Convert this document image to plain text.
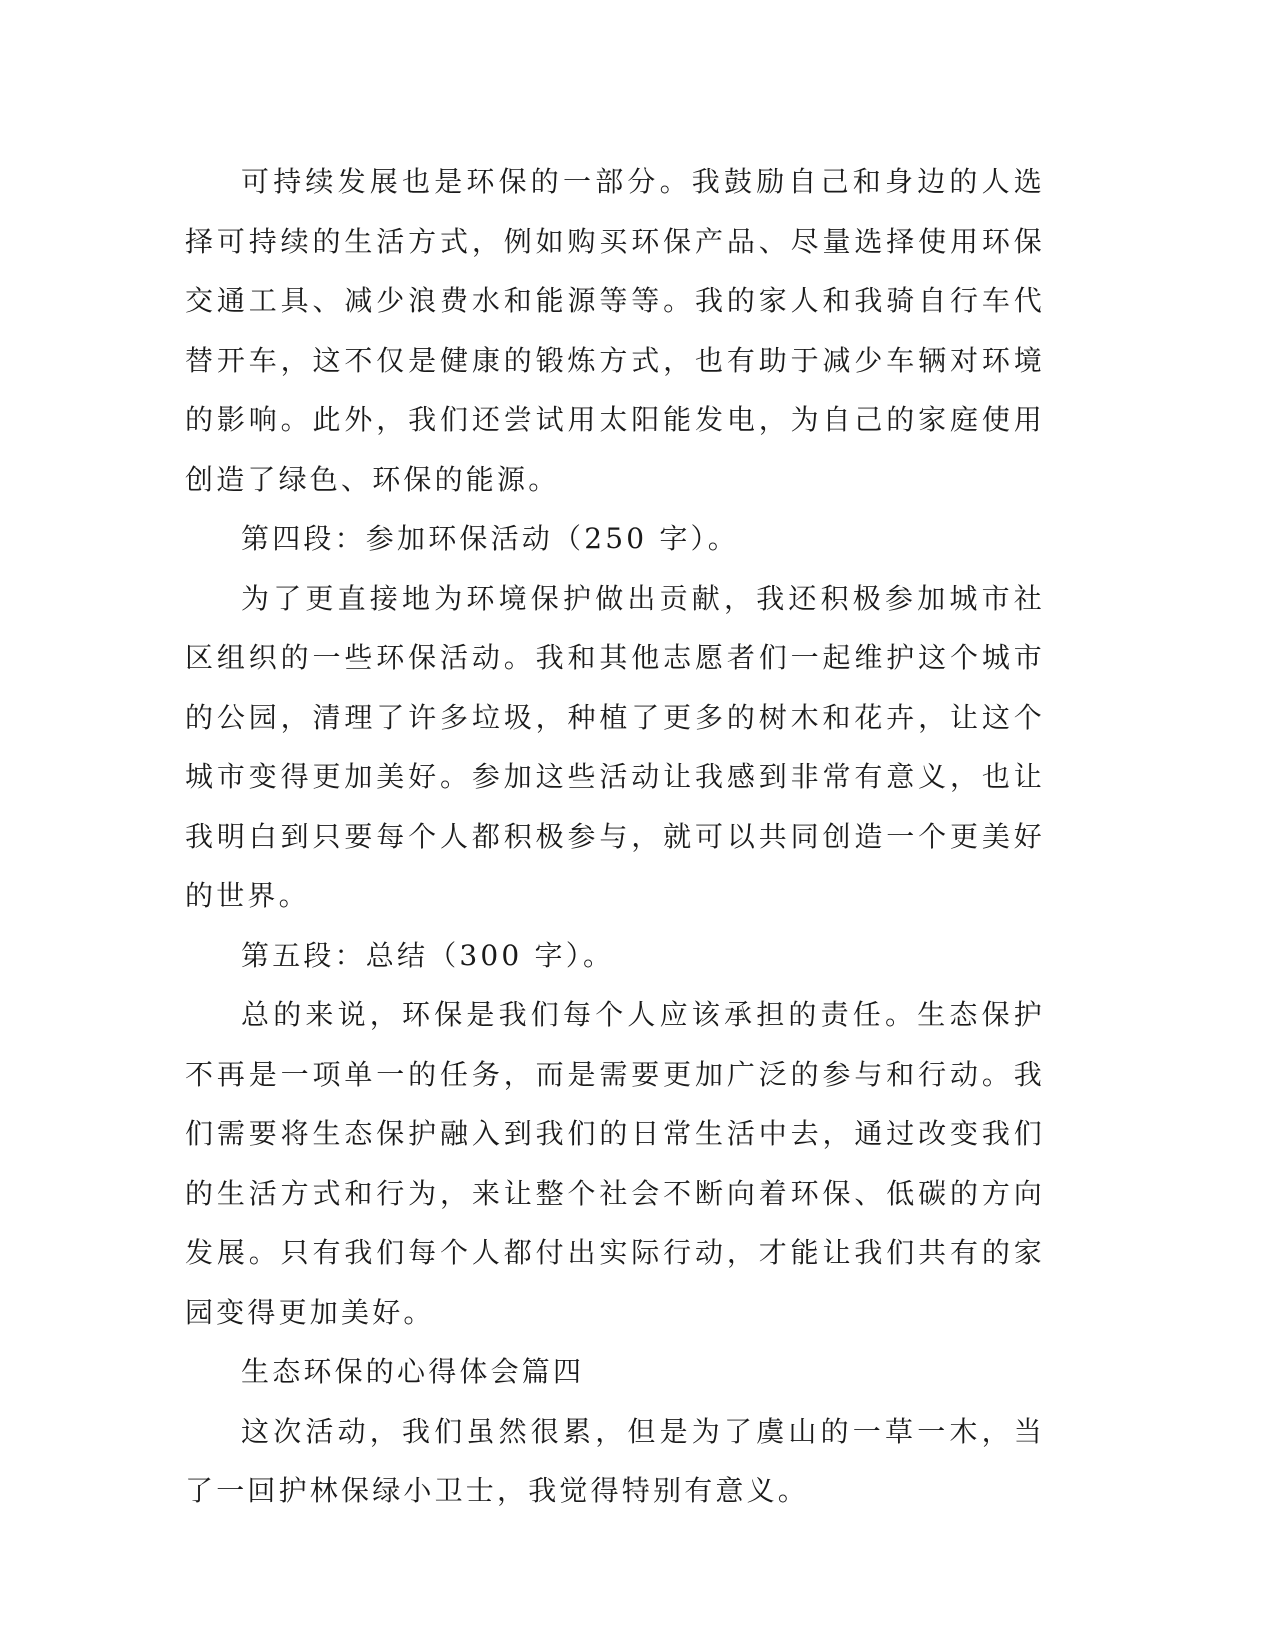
可持续发展也是环保的一部分。我鼓励自己和身边的人选择可持续的生活方式，例如购买环保产品、尽量选择使用环保交通工具、减少浪费水和能源等等。我的家人和我骑自行车代替开车，这不仅是健康的锻炼方式，也有助于减少车辆对环境的影响。此外，我们还尝试用太阳能发电，为自己的家庭使用创造了绿色、环保的能源。

第四段：参加环保活动（250 字）。

为了更直接地为环境保护做出贡献，我还积极参加城市社区组织的一些环保活动。我和其他志愿者们一起维护这个城市的公园，清理了许多垃圾，种植了更多的树木和花卉，让这个城市变得更加美好。参加这些活动让我感到非常有意义，也让我明白到只要每个人都积极参与，就可以共同创造一个更美好的世界。

第五段：总结（300 字）。

总的来说，环保是我们每个人应该承担的责任。生态保护不再是一项单一的任务，而是需要更加广泛的参与和行动。我们需要将生态保护融入到我们的日常生活中去，通过改变我们的生活方式和行为，来让整个社会不断向着环保、低碳的方向发展。只有我们每个人都付出实际行动，才能让我们共有的家园变得更加美好。

生态环保的心得体会篇四

这次活动，我们虽然很累，但是为了虞山的一草一木，当了一回护林保绿小卫士，我觉得特别有意义。
